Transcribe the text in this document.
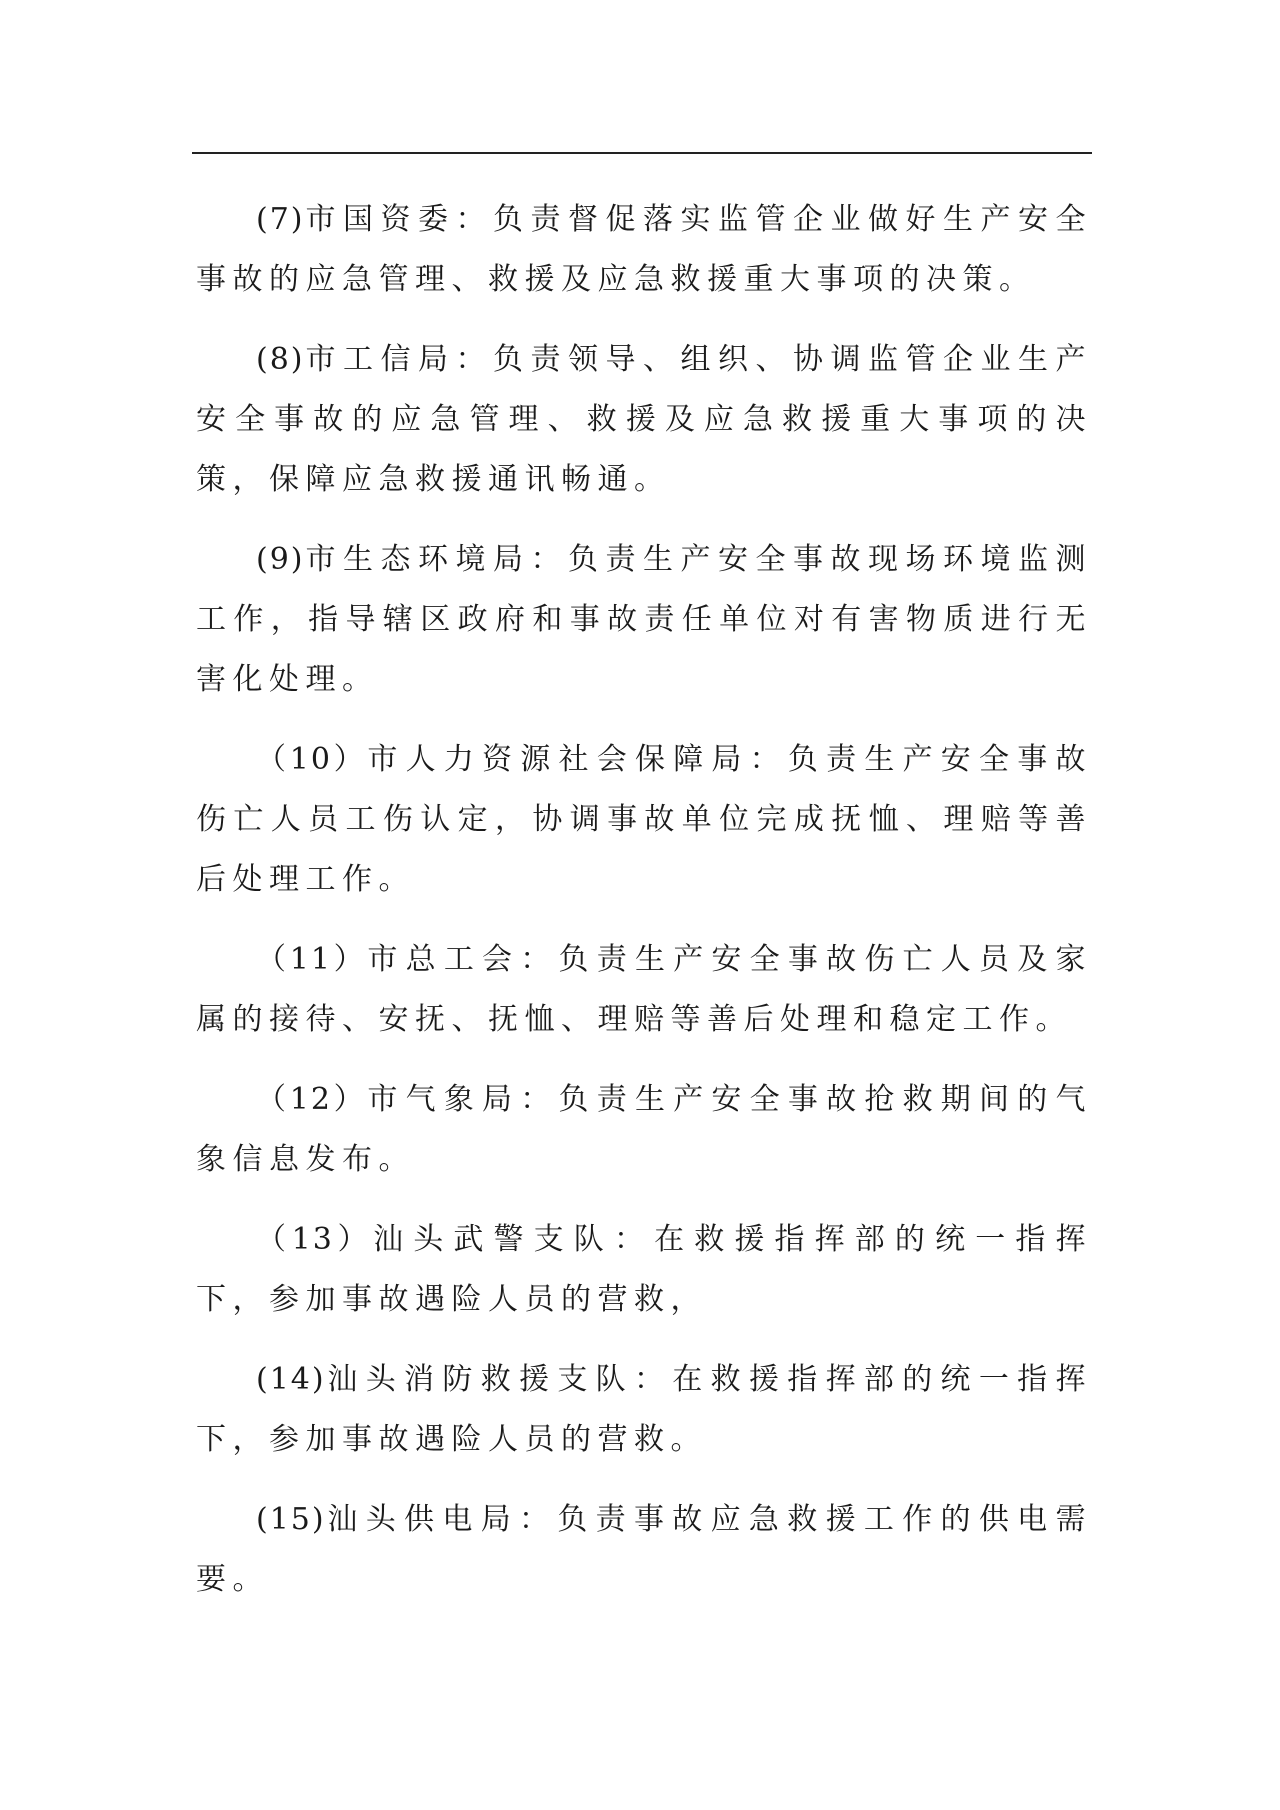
(7)市国资委：负责督促落实监管企业做好生产安全事故的应急管理、救援及应急救援重大事项的决策。

(8)市工信局：负责领导、组织、协调监管企业生产安全事故的应急管理、救援及应急救援重大事项的决策，保障应急救援通讯畅通。

(9)市生态环境局：负责生产安全事故现场环境监测工作，指导辖区政府和事故责任单位对有害物质进行无害化处理。

（10）市人力资源社会保障局：负责生产安全事故伤亡人员工伤认定，协调事故单位完成抚恤、理赔等善后处理工作。

（11）市总工会：负责生产安全事故伤亡人员及家属的接待、安抚、抚恤、理赔等善后处理和稳定工作。

（12）市气象局：负责生产安全事故抢救期间的气象信息发布。

（13）汕头武警支队：在救援指挥部的统一指挥下，参加事故遇险人员的营救，

(14)汕头消防救援支队：在救援指挥部的统一指挥下，参加事故遇险人员的营救。

(15)汕头供电局：负责事故应急救援工作的供电需要。
